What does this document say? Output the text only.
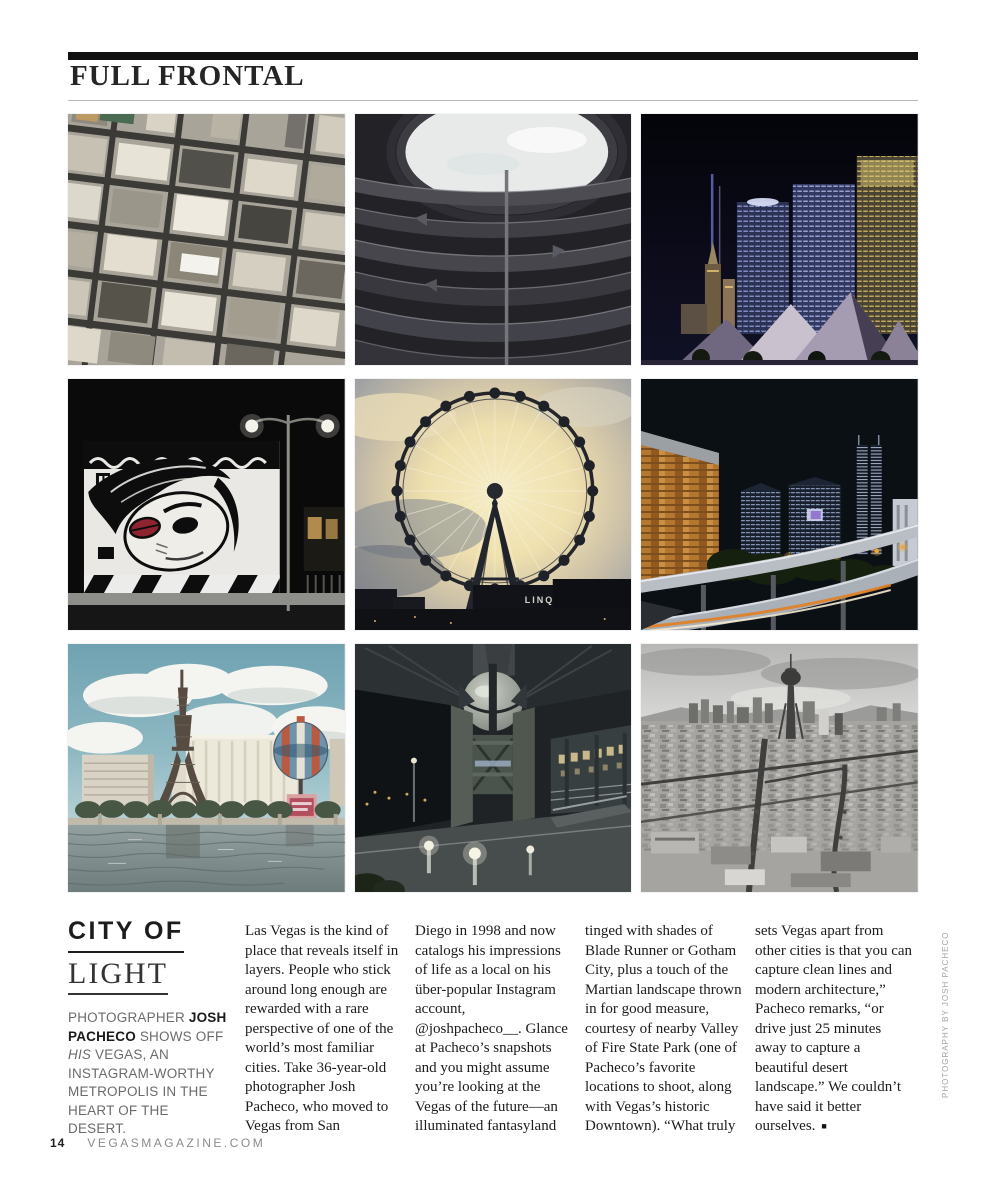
FULL FRONTAL
LINQ
CITY OF
LIGHT

PHOTOGRAPHER JOSH PACHECO SHOWS OFF HIS VEGAS, AN INSTAGRAM-WORTHY METROPOLIS IN THE HEART OF THE DESERT.

Las Vegas is the kind of place that reveals itself in layers. People who stick around long enough are rewarded with a rare perspective of one of the world’s most familiar cities. Take 36-year-old photographer Josh Pacheco, who moved to Vegas from San
Diego in 1998 and now catalogs his impressions of life as a local on his über-popular Instagram account, @joshpacheco__. Glance at Pacheco’s snapshots and you might assume you’re looking at the Vegas of the future—an illuminated fantasyland
tinged with shades of Blade Runner or Gotham City, plus a touch of the Martian landscape thrown in for good measure, courtesy of nearby Valley of Fire State Park (one of Pacheco’s favorite locations to shoot, along with Vegas’s historic Downtown). “What truly
sets Vegas apart from other cities is that you can capture clean lines and modern architecture,” Pacheco remarks, “or drive just 25 minutes away to capture a beautiful desert landscape.” We couldn’t have said it better ourselves. ■
PHOTOGRAPHY BY JOSH PACHECO
14 VEGASMAGAZINE.COM
